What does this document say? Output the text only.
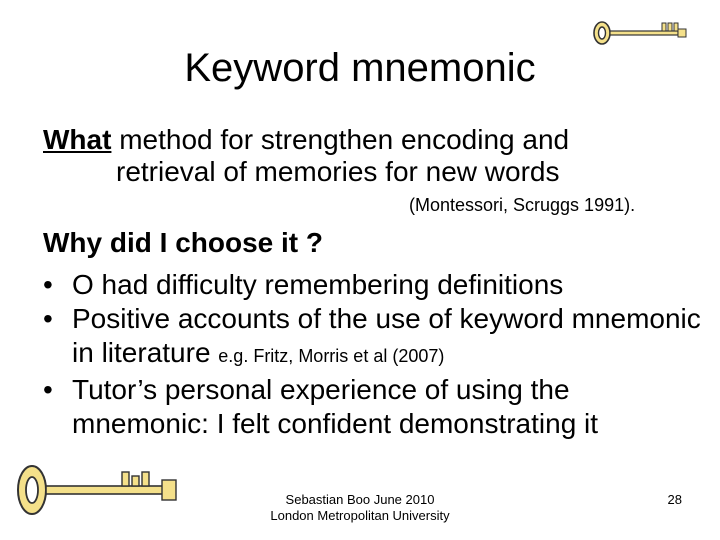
Keyword mnemonic
What method for strengthen encoding and
retrieval of memories for new words
(Montessori, Scruggs 1991).
Why did I choose it ?
• O had difficulty remembering definitions
• Positive accounts of the use of keyword mnemonic in literature e.g. Fritz, Morris et al (2007)
• Tutor’s personal experience of using the mnemonic: I felt confident demonstrating it
Sebastian Boo June 2010
London Metropolitan University
28
